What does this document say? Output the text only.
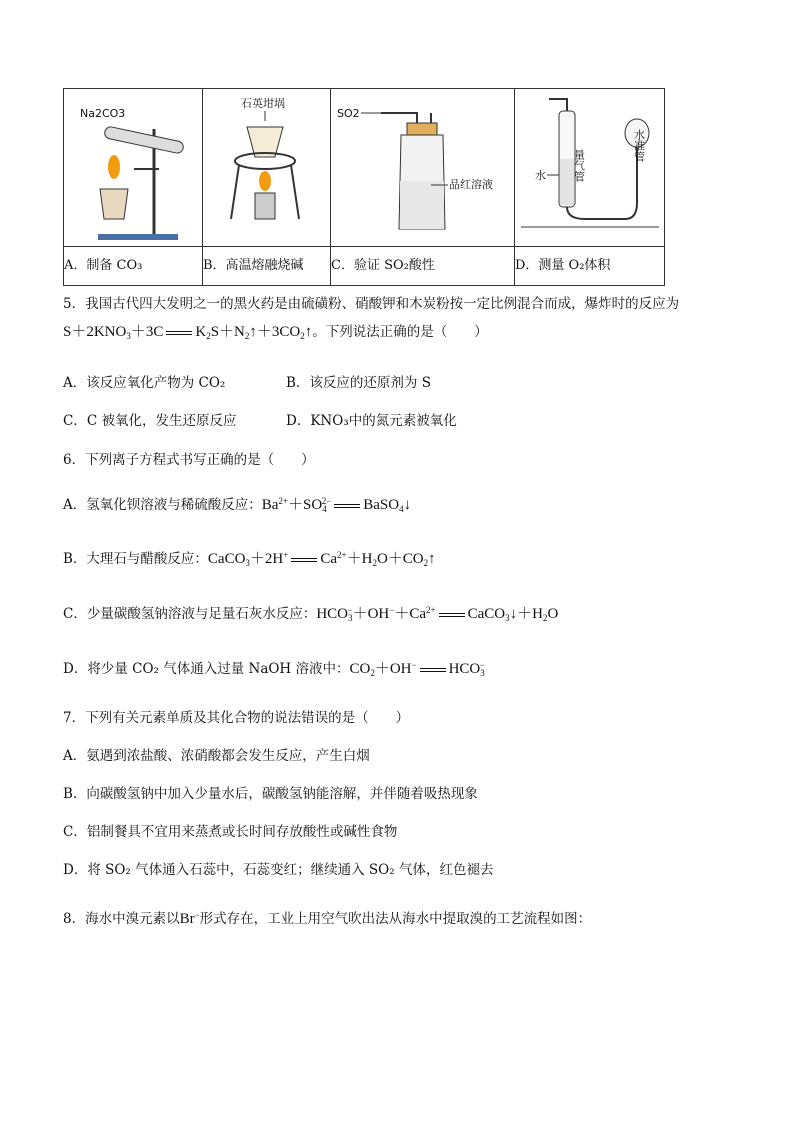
Na2CO3	石英坩埚	SO2
品红溶液	水 量气管
水准管

A．制备 CO₃	B．高温熔融烧碱	C．验证 SO₂酸性	D．测量 O₂体积
5．我国古代四大发明之一的黑火药是由硫磺粉、硝酸钾和木炭粉按一定比例混合而成，爆炸时的反应为
$S+2KNO_3+3C$ $K_2S+N_2↑+3CO_2↑$。下列说法正确的是（　　）
A．该反应氧化产物为 CO₂	B．该反应的还原剂为 S
C．C 被氧化，发生还原反应	D．KNO₃中的氮元素被氧化
6．下列离子方程式书写正确的是（　　）
A．氢氧化钡溶液与稀硫酸反应：$Ba^{2+}+SO_4^{2-}$ BaSO$_4$↓
B．大理石与醋酸反应：CaCO$_3$＋2H+ $Ca^{2+}+H_2O+CO_2↑$
C．少量碳酸氢钠溶液与足量石灰水反应：$HCO_3^-+OH^-+Ca^{2+}$ $CaCO_3↓+H_2O$
D．将少量 CO₂ 气体通入过量 NaOH 溶液中：$CO_2+OH^-$ $HCO_3^-$
7．下列有关元素单质及其化合物的说法错误的是（　　）
A．氨遇到浓盐酸、浓硝酸都会发生反应，产生白烟
B．向碳酸氢钠中加入少量水后，碳酸氢钠能溶解，并伴随着吸热现象
C．铝制餐具不宜用来蒸煮或长时间存放酸性或碱性食物
D．将 SO₂ 气体通入石蕊中，石蕊变红；继续通入 SO₂ 气体，红色褪去
8．海水中溴元素以Br−形式存在，工业上用空气吹出法从海水中提取溴的工艺流程如图：
